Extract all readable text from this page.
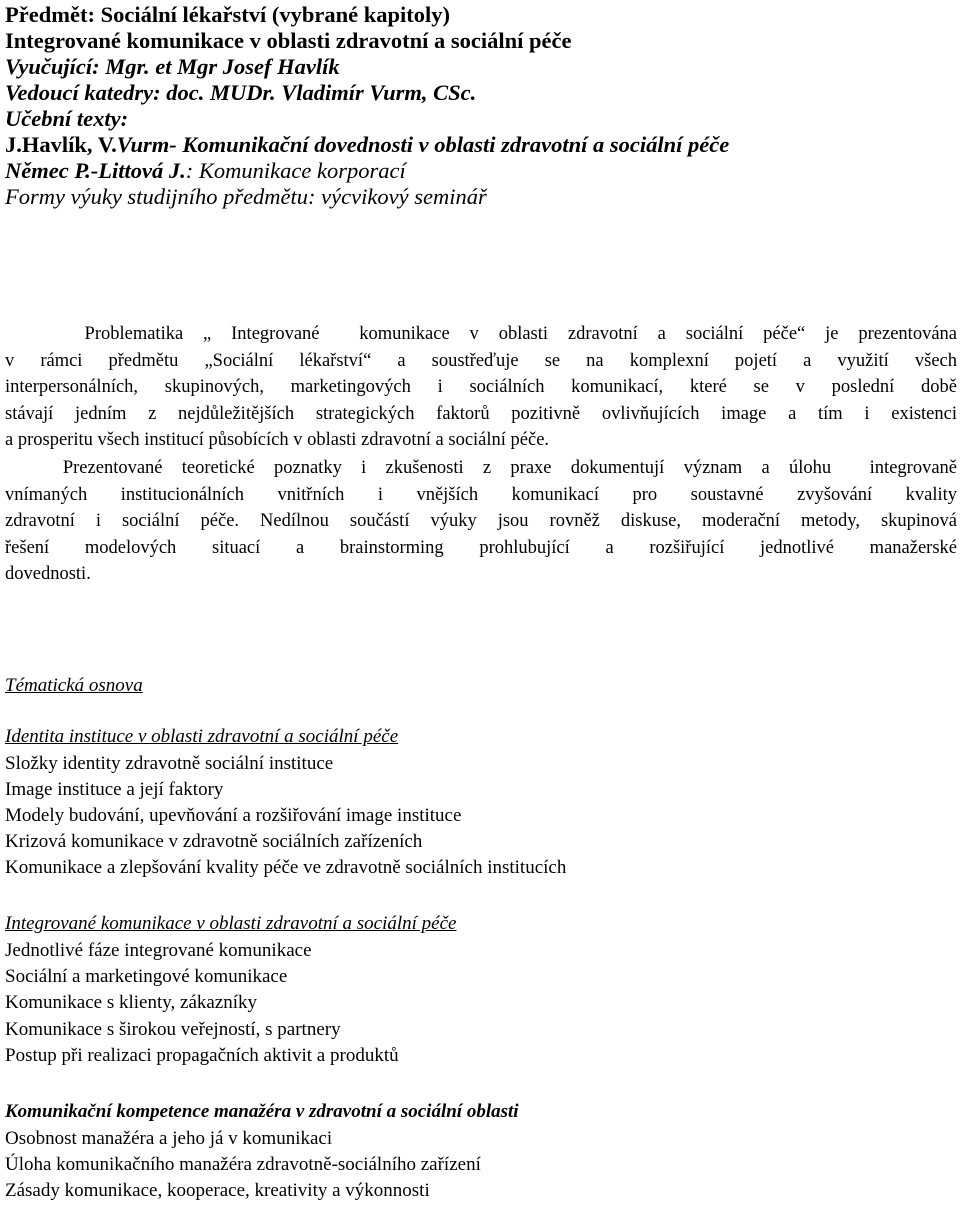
Předmět: Sociální lékařství (vybrané kapitoly)
Integrované komunikace v oblasti zdravotní a sociální péče
Vyučující: Mgr. et Mgr Josef Havlík
Vedoucí katedry: doc. MUDr. Vladimír Vurm, CSc.
Učební texty:
J.Havlík, V.Vurm- Komunikační dovednosti v oblasti zdravotní a sociální péče
Němec P.-Littová J.: Komunikace korporací
Formy výuky studijního předmětu: výcvikový seminář
Problematika „ Integrované  komunikace v oblasti zdravotní a sociální péče“ je prezentována
v rámci předmětu „Sociální lékařství“ a soustřeďuje se na komplexní pojetí a využití všech
interpersonálních, skupinových, marketingových i sociálních komunikací, které se v poslední době
stávají jedním z nejdůležitějších strategických faktorů pozitivně ovlivňujících image a tím i existenci
a prosperitu všech institucí působících v oblasti zdravotní a sociální péče.
Prezentované teoretické poznatky i zkušenosti z praxe dokumentují význam a úlohu  integrovaně
vnímaných institucionálních vnitřních i vnějších komunikací pro soustavné zvyšování kvality
zdravotní i sociální péče. Nedílnou součástí výuky jsou rovněž diskuse, moderační metody, skupinová
řešení modelových situací a brainstorming prohlubující a rozšiřující jednotlivé manažerské
dovednosti.
Tématická osnova
Identita instituce v oblasti zdravotní a sociální péče
Složky identity zdravotně sociální instituce
Image instituce a její faktory
Modely budování, upevňování a rozšiřování image instituce
Krizová komunikace v zdravotně sociálních zařízeních
Komunikace a zlepšování kvality péče ve zdravotně sociálních institucích
Integrované komunikace v oblasti zdravotní a sociální péče
Jednotlivé fáze integrované komunikace
Sociální a marketingové komunikace
Komunikace s klienty, zákazníky
Komunikace s širokou veřejností, s partnery
Postup při realizaci propagačních aktivit a produktů
Komunikační kompetence manažéra v zdravotní a sociální oblasti
Osobnost manažéra a jeho já v komunikaci
Úloha komunikačního manažéra zdravotně-sociálního zařízení
Zásady komunikace, kooperace, kreativity a výkonnosti
